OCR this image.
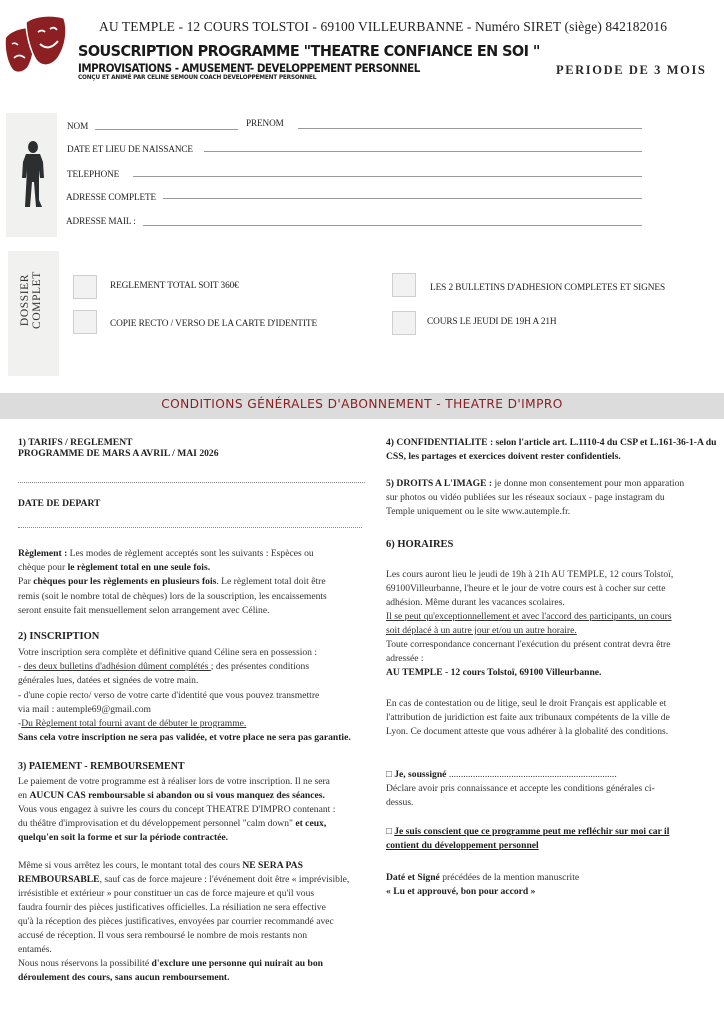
AU TEMPLE - 12 COURS TOLSTOI - 69100 VILLEURBANNE - Numéro SIRET (siège) 842182016
SOUSCRIPTION PROGRAMME "THEATRE CONFIANCE EN SOI "
IMPROVISATIONS - AMUSEMENT- DEVELOPPEMENT PERSONNEL
CONÇU ET ANIMÉ PAR CELINE SEMOUN COACH DEVELOPPEMENT PERSONNEL
PERIODE DE 3 MOIS
NOM	PRENOM
DATE ET LIEU DE NAISSANCE
TELEPHONE
ADRESSE COMPLETE
ADRESSE MAIL :
DOSSIER COMPLET	REGLEMENT TOTAL SOIT 360€	LES 2 BULLETINS D'ADHESION COMPLETES ET SIGNES
COPIE RECTO / VERSO DE LA CARTE D'IDENTITE	COURS LE JEUDI DE 19H A 21H
CONDITIONS GÉNÉRALES D'ABONNEMENT - THEATRE D'IMPRO
1) TARIFS / REGLEMENT
PROGRAMME DE MARS A AVRIL / MAI 2026
DATE DE DEPART
Règlement : Les modes de règlement acceptés sont les suivants : Espèces ou
chèque pour le règlement total en une seule fois.
Par chèques pour les règlements en plusieurs fois. Le règlement total doit être
remis (soit le nombre total de chèques) lors de la souscription, les encaissements
seront ensuite fait mensuellement selon arrangement avec Céline.
2) INSCRIPTION
Votre inscription sera complète et définitive quand Céline sera en possession :
- des deux bulletins d'adhésion dûment complétés ; des présentes conditions
générales lues, datées et signées de votre main.
- d'une copie recto/ verso de votre carte d'identité que vous pouvez transmettre
via mail : autemple69@gmail.com
-Du Règlement total fourni avant de débuter le programme.
Sans cela votre inscription ne sera pas validée, et votre place ne sera pas garantie.
3) PAIEMENT - REMBOURSEMENT
Le paiement de votre programme est à réaliser lors de votre inscription. Il ne sera
en AUCUN CAS remboursable si abandon ou si vous manquez des séances.
Vous vous engagez à suivre les cours du concept THEATRE D'IMPRO contenant :
du théâtre d'improvisation et du développement personnel "calm down" et ceux,
quelqu'en soit la forme et sur la période contractée.
Même si vous arrêtez les cours, le montant total des cours NE SERA PAS
REMBOURSABLE, sauf cas de force majeure : l'événement doit être « imprévisible,
irrésistible et extérieur » pour constituer un cas de force majeure et qu'il vous
faudra fournir des pièces justificatives officielles. La résiliation ne sera effective
qu'à la réception des pièces justificatives, envoyées par courrier recommandé avec
accusé de réception. Il vous sera remboursé le nombre de mois restants non
entamés.
Nous nous réservons la possibilité d'exclure une personne qui nuirait au bon
déroulement des cours, sans aucun remboursement.
4) CONFIDENTIALITE : selon l'article art. L.1110-4 du CSP et L.161-36-1-A du
CSS, les partages et exercices doivent rester confidentiels.
5) DROITS A L'IMAGE : je donne mon consentement pour mon apparation
sur photos ou vidéo publiées sur les réseaux sociaux - page instagram du
Temple uniquement ou le site www.autemple.fr.
6) HORAIRES
Les cours auront lieu le jeudi de 19h à 21h AU TEMPLE, 12 cours Tolstoï,
69100Villeurbanne, l'heure et le jour de votre cours est à cocher sur cette
adhésion. Même durant les vacances scolaires.
Il se peut qu'exceptionnellement et avec l'accord des participants, un cours
soit déplacé à un autre jour et/ou un autre horaire.
Toute correspondance concernant l'exécution du présent contrat devra être
adressée :
AU TEMPLE - 12 cours Tolstoï, 69100 Villeurbanne.
En cas de contestation ou de litige, seul le droit Français est applicable et
l'attribution de juridiction est faite aux tribunaux compétents de la ville de
Lyon. Ce document atteste que vous adhérer à la globalité des conditions.
□ Je, soussigné ......................................................................
Déclare avoir pris connaissance et accepte les conditions générales ci-
dessus.
□ Je suis conscient que ce programme peut me refléchir sur moi car il
contient du développement personnel
Daté et Signé précédées de la mention manuscrite
« Lu et approuvé, bon pour accord »
